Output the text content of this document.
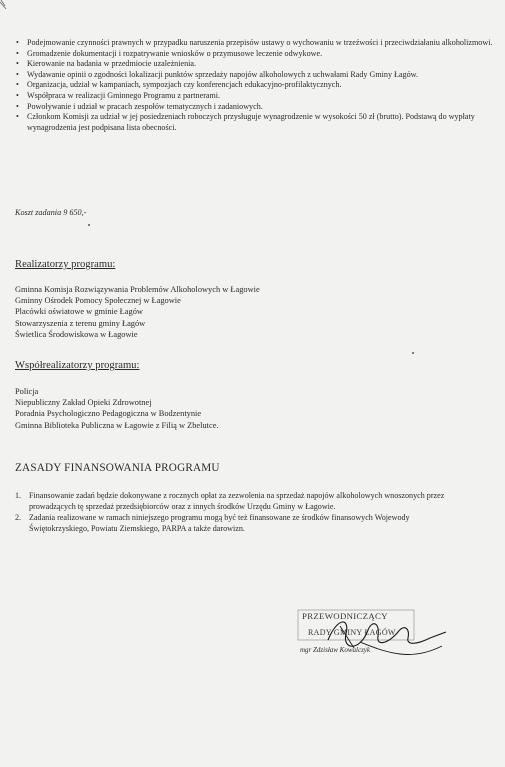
• Podejmowanie czynności prawnych w przypadku naruszenia przepisów ustawy o wychowaniu w trzeźwości i przeciwdziałaniu alkoholizmowi.
• Gromadzenie dokumentacji i rozpatrywanie wniosków o przymusowe leczenie odwykowe.
• Kierowanie na badania w przedmiocie uzależnienia.
• Wydawanie opinii o zgodności lokalizacji punktów sprzedaży napojów alkoholowych z uchwałami Rady Gminy Łagów.
• Organizacja, udział w kampaniach, sympozjach czy konferencjach edukacyjno-profilaktycznych.
• Współpraca w realizacji Gminnego Programu z partnerami.
• Powoływanie i udział w pracach zespołów tematycznych i zadaniowych.
• Członkom Komisji za udział w jej posiedzeniach roboczych przysługuje wynagrodzenie w wysokości 50 zł (brutto). Podstawą do wypłaty wynagrodzenia jest podpisana lista obecności.
Koszt zadania 9 650,-
Realizatorzy programu:
Gminna Komisja Rozwiązywania Problemów Alkoholowych w Łagowie
Gminny Ośrodek Pomocy Społecznej w Łagowie
Placówki oświatowe w gminie Łagów
Stowarzyszenia z terenu gminy Łagów
Świetlica Środowiskowa w Łagowie
Współrealizatorzy programu:
Policja
Niepubliczny Zakład Opieki Zdrowotnej
Poradnia Psychologiczno Pedagogiczna w Bodzentynie
Gminna Biblioteka Publiczna w Łagowie z Filią w Zbelutce.
ZASADY FINANSOWANIA PROGRAMU
1. Finansowanie zadań będzie dokonywane z rocznych opłat za zezwolenia na sprzedaż napojów alkoholowych wnoszonych przez prowadzących tę sprzedaż przedsiębiorców oraz z innych środków Urzędu Gminy w Łagowie.
2. Zadania realizowane w ramach niniejszego programu mogą być też finansowane ze środków finansowych Wojewody Świętokrzyskiego, Powiatu Ziemskiego, PARPA a także darowizn.
PRZEWODNICZĄCY
RADY GMINY ŁAGÓW
mgr Zdzisław Kowalczyk
